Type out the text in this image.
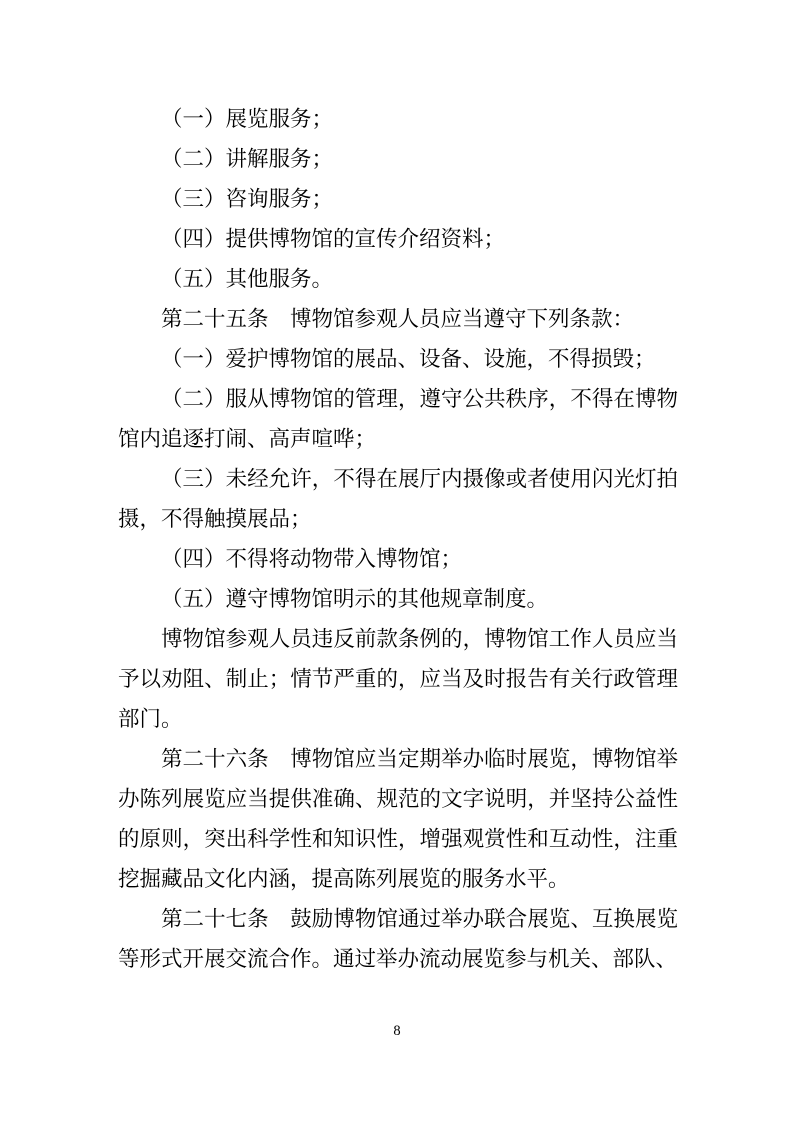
（一）展览服务；

（二）讲解服务；

（三）咨询服务；

（四）提供博物馆的宣传介绍资料；

（五）其他服务。

第二十五条　博物馆参观人员应当遵守下列条款：

（一）爱护博物馆的展品、设备、设施，不得损毁；

（二）服从博物馆的管理，遵守公共秩序，不得在博物馆内追逐打闹、高声喧哗；

（三）未经允许，不得在展厅内摄像或者使用闪光灯拍摄，不得触摸展品；

（四）不得将动物带入博物馆；

（五）遵守博物馆明示的其他规章制度。

博物馆参观人员违反前款条例的，博物馆工作人员应当予以劝阻、制止；情节严重的，应当及时报告有关行政管理部门。

第二十六条　博物馆应当定期举办临时展览，博物馆举办陈列展览应当提供准确、规范的文字说明，并坚持公益性的原则，突出科学性和知识性，增强观赏性和互动性，注重挖掘藏品文化内涵，提高陈列展览的服务水平。

第二十七条　鼓励博物馆通过举办联合展览、互换展览等形式开展交流合作。通过举办流动展览参与机关、部队、

8
